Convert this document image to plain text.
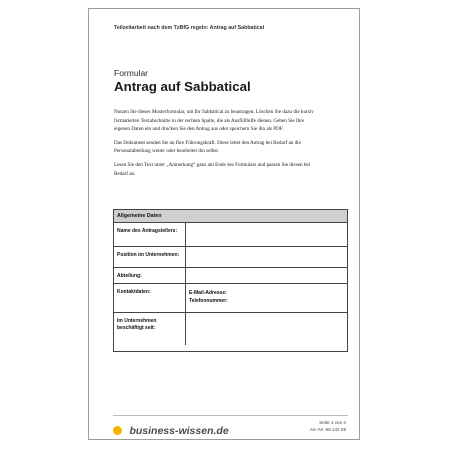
Teilzeitarbeit nach dem TzBfG regeln: Antrag auf Sabbatical
Formular
Antrag auf Sabbatical

Nutzen Sie dieses Musterformular, um Ihr Sabbatical zu beantragen. Löschen Sie dazu die kursiv formatierten Textabschnitte in der rechten Spalte, die als Ausfüllhilfe dienen. Geben Sie Ihre eigenen Daten ein und drucken Sie den Antrag aus oder speichern Sie ihn als PDF.

Das Dokument senden Sie an Ihre Führungskraft. Diese leitet den Antrag bei Bedarf an die Personalabteilung weiter oder bearbeitet ihn selbst.

Lesen Sie den Text unter „Anmerkung“ ganz am Ende des Formulars und passen Sie diesen bei Bedarf an.

Allgemeine Daten
Name des Antragstellers:
Position im Unternehmen:
Abteilung:
Kontaktdaten:	E-Mail-Adresse:
Telefonnummer:
Im Unternehmen beschäftigt seit:
business-wissen.de
Seite 1 von 4
Art.-Nr. 99.142.09
